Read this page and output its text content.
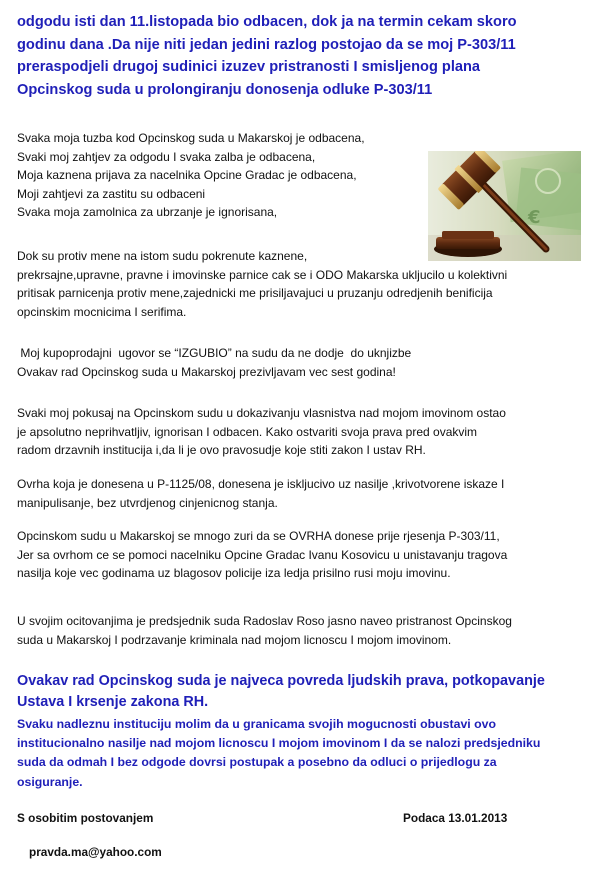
odgodu isti dan 11.listopada bio odbacen, dok ja na termin cekam skoro
godinu dana .Da nije niti jedan jedini razlog postojao da se moj P-303/11
preraspodjeli drugoj sudinici izuzev pristranosti I smisljenog plana
Opcinskog suda u prolongiranju donosenja odluke P-303/11
Svaka moja tuzba kod Opcinskog suda u Makarskoj je odbacena,
Svaki moj zahtjev za odgodu I svaka zalba je odbacena,
Moja kaznena prijava za nacelnika Opcine Gradac je odbacena,
Moji zahtjevi za zastitu su odbaceni
Svaka moja zamolnica za ubrzanje je ignorisana,	€
Dok su protiv mene na istom sudu pokrenute kaznene,
prekrsajne,upravne, pravne i imovinske parnice cak se i ODO Makarska ukljucilo u kolektivni
pritisak parnicenja protiv mene,zajednicki me prisiljavajuci u pruzanju odredjenih benificija
opcinskim mocnicima I serifima.
Moj kupoprodajni  ugovor se “IZGUBIO” na sudu da ne dodje  do uknjizbe
Ovakav rad Opcinskog suda u Makarskoj prezivljavam vec sest godina!
Svaki moj pokusaj na Opcinskom sudu u dokazivanju vlasnistva nad mojom imovinom ostao
je apsolutno neprihvatljiv, ignorisan I odbacen. Kako ostvariti svoja prava pred ovakvim
radom drzavnih institucija i,da li je ovo pravosudje koje stiti zakon I ustav RH.
Ovrha koja je donesena u P-1125/08, donesena je iskljucivo uz nasilje ,krivotvorene iskaze I
manipulisanje, bez utvrdjenog cinjenicnog stanja.
Opcinskom sudu u Makarskoj se mnogo zuri da se OVRHA donese prije rjesenja P-303/11,
Jer sa ovrhom ce se pomoci nacelniku Opcine Gradac Ivanu Kosovicu u unistavanju tragova
nasilja koje vec godinama uz blagosov policije iza ledja prisilno rusi moju imovinu.
U svojim ocitovanjima je predsjednik suda Radoslav Roso jasno naveo pristranost Opcinskog
suda u Makarskoj I podrzavanje kriminala nad mojom licnoscu I mojom imovinom.
Ovakav rad Opcinskog suda je najveca povreda ljudskih prava, potkopavanje
Ustava I krsenje zakona RH.
Svaku nadleznu instituciju molim da u granicama svojih mogucnosti obustavi ovo
institucionalno nasilje nad mojom licnoscu I mojom imovinom I da se nalozi predsjedniku
suda da odmah I bez odgode dovrsi postupak a posebno da odluci o prijedlogu za
osiguranje.
S osobitim postovanjem	Podaca 13.01.2013
pravda.ma@yahoo.com
